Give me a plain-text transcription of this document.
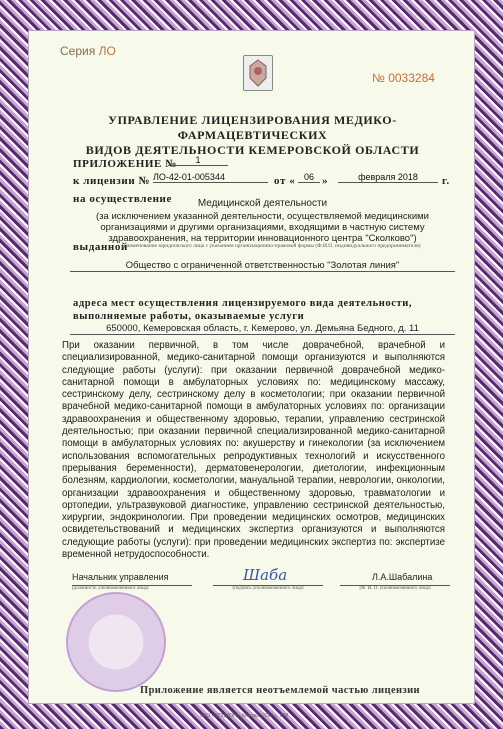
Серия ЛО
№ 0033284
УПРАВЛЕНИЕ ЛИЦЕНЗИРОВАНИЯ МЕДИКО-ФАРМАЦЕВТИЧЕСКИХ
ВИДОВ ДЕЯТЕЛЬНОСТИ КЕМЕРОВСКОЙ ОБЛАСТИ
ПРИЛОЖЕНИЕ №	1
к лицензии № ЛО-42-01-005344	от « 06 »	февраля 2018	г.
на осуществление	Медицинской деятельности
(за исключением указанной деятельности, осуществляемой медицинскими организациями и другими организациями, входящими в частную систему здравоохранения, на территории инновационного центра "Сколково")
выданной
(наименование юридического лица с указанием организационно-правовой формы (Ф.И.О. индивидуального предпринимателя)
Общество с ограниченной ответственностью "Золотая линия"
адреса мест осуществления лицензируемого вида деятельности, выполняемые работы, оказываемые услуги
650000, Кемеровская область, г. Кемерово, ул. Демьяна Бедного, д. 11
При оказании первичной, в том числе доврачебной, врачебной и специализированной, медико-санитарной помощи организуются и выполняются следующие работы (услуги): при оказании первичной доврачебной медико-санитарной помощи в амбулаторных условиях по: медицинскому массажу, сестринскому делу, сестринскому делу в косметологии; при оказании первичной врачебной медико-санитарной помощи в амбулаторных условиях по: организации здравоохранения и общественному здоровью, терапии, управлению сестринской деятельностью; при оказании первичной специализированной медико-санитарной помощи в амбулаторных условиях по: акушерству и гинекологии (за исключением использования вспомогательных репродуктивных технологий и искусственного прерывания беременности), дерматовенерологии, диетологии, инфекционным болезням, кардиологии, косметологии, мануальной терапии, неврологии, онкологии, организации здравоохранения и общественному здоровью, травматологии и ортопедии, ультразвуковой диагностике, управлению сестринской деятельностью, хирургии, эндокринологии. При проведении медицинских осмотров, медицинских освидетельствований и медицинских экспертиз организуются и выполняются следующие работы (услуги): при проведении медицинских экспертиз по: экспертизе временной нетрудоспособности.
Начальник управления
(должность уполномоченного лица)
Шаба
(подпись уполномоченного лица)
Л.А.Шабалина
(Ф. И. О. уполномоченного лица)
Приложение является неотъемлемой частью лицензии
ЗАО «ОПЦИОН», Москва, 2017 г., 3/М
